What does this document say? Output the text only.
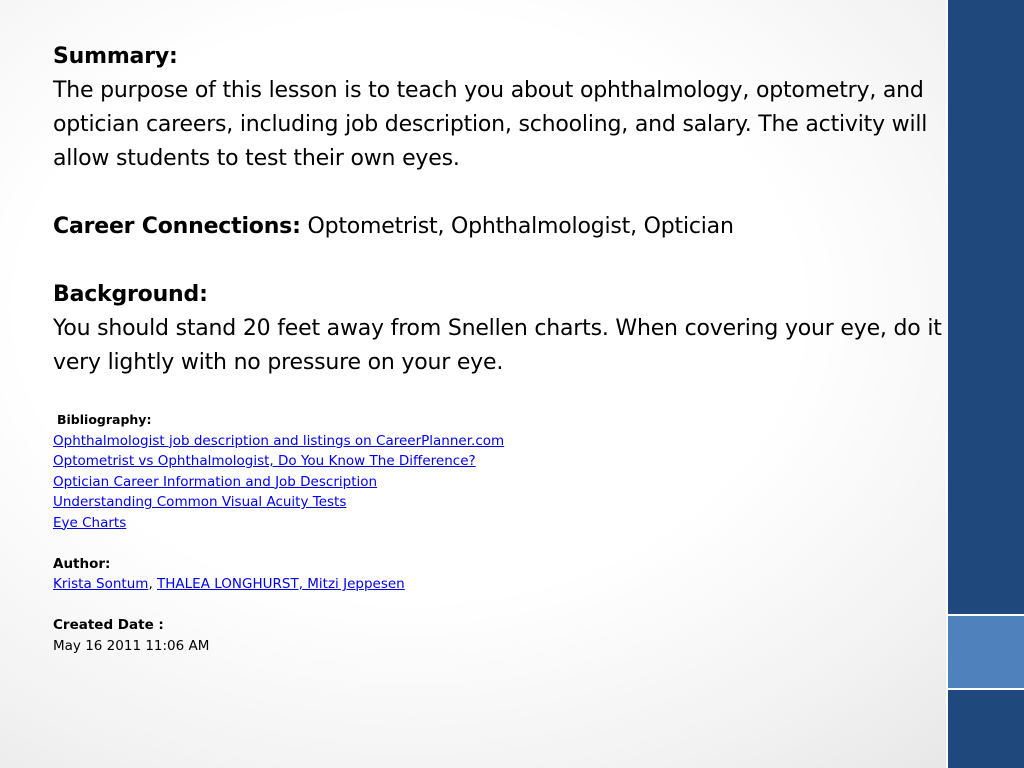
Summary:

The purpose of this lesson is to teach you about ophthalmology, optometry, and optician careers, including job description, schooling, and salary. The activity will allow students to test their own eyes.

Career Connections: Optometrist, Ophthalmologist, Optician
Background:

You should stand 20 feet away from Snellen charts. When covering your eye, do it very lightly with no pressure on your eye.

Bibliography:
Ophthalmologist job description and listings on CareerPlanner.com
Optometrist vs Ophthalmologist, Do You Know The Difference?
Optician Career Information and Job Description
Understanding Common Visual Acuity Tests
Eye Charts
Author:
Krista Sontum, THALEA LONGHURST, Mitzi Jeppesen
Created Date :
May 16 2011 11:06 AM
